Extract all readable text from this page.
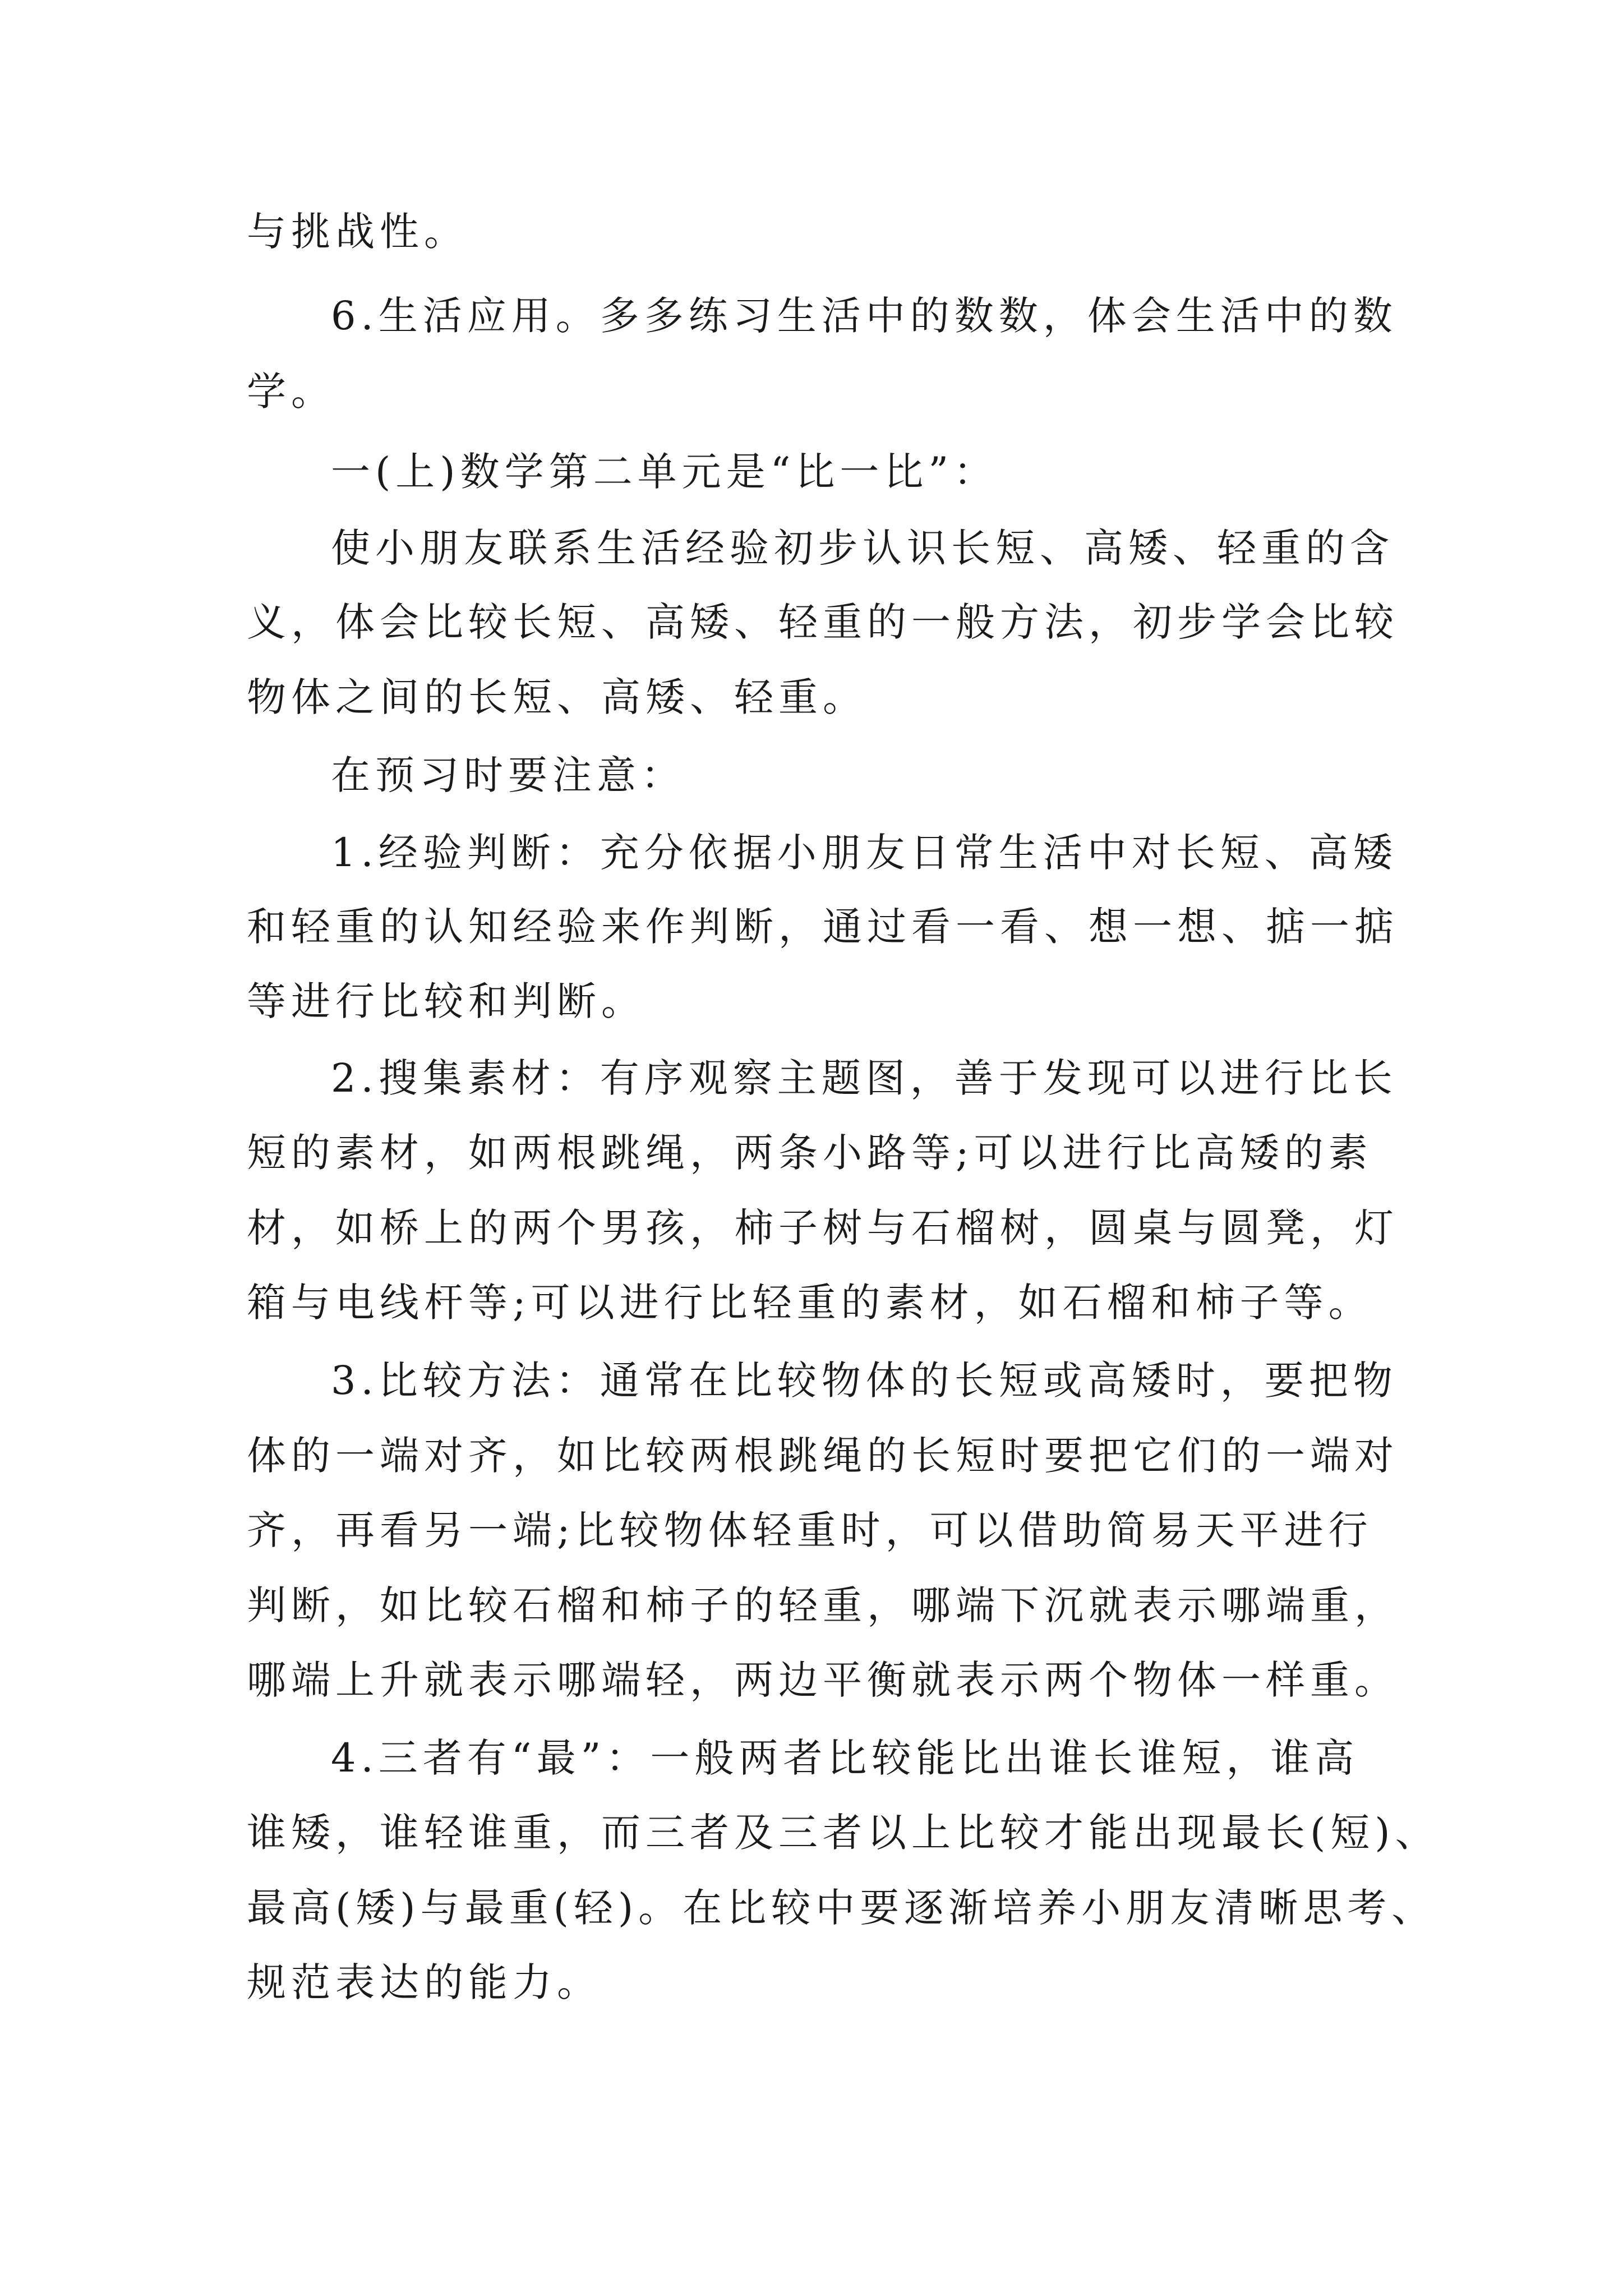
与挑战性。

6.生活应用。多多练习生活中的数数，体会生活中的数

学。

一(上)数学第二单元是“比一比”：

使小朋友联系生活经验初步认识长短、高矮、轻重的含

义，体会比较长短、高矮、轻重的一般方法，初步学会比较

物体之间的长短、高矮、轻重。

在预习时要注意：

1.经验判断：充分依据小朋友日常生活中对长短、高矮

和轻重的认知经验来作判断，通过看一看、想一想、掂一掂

等进行比较和判断。

2.搜集素材：有序观察主题图，善于发现可以进行比长

短的素材，如两根跳绳，两条小路等;可以进行比高矮的素

材，如桥上的两个男孩，柿子树与石榴树，圆桌与圆凳，灯

箱与电线杆等;可以进行比轻重的素材，如石榴和柿子等。

3.比较方法：通常在比较物体的长短或高矮时，要把物

体的一端对齐，如比较两根跳绳的长短时要把它们的一端对

齐，再看另一端;比较物体轻重时，可以借助简易天平进行

判断，如比较石榴和柿子的轻重，哪端下沉就表示哪端重，

哪端上升就表示哪端轻，两边平衡就表示两个物体一样重。

4.三者有“最”：一般两者比较能比出谁长谁短，谁高

谁矮，谁轻谁重，而三者及三者以上比较才能出现最长(短)、

最高(矮)与最重(轻)。在比较中要逐渐培养小朋友清晰思考、

规范表达的能力。
